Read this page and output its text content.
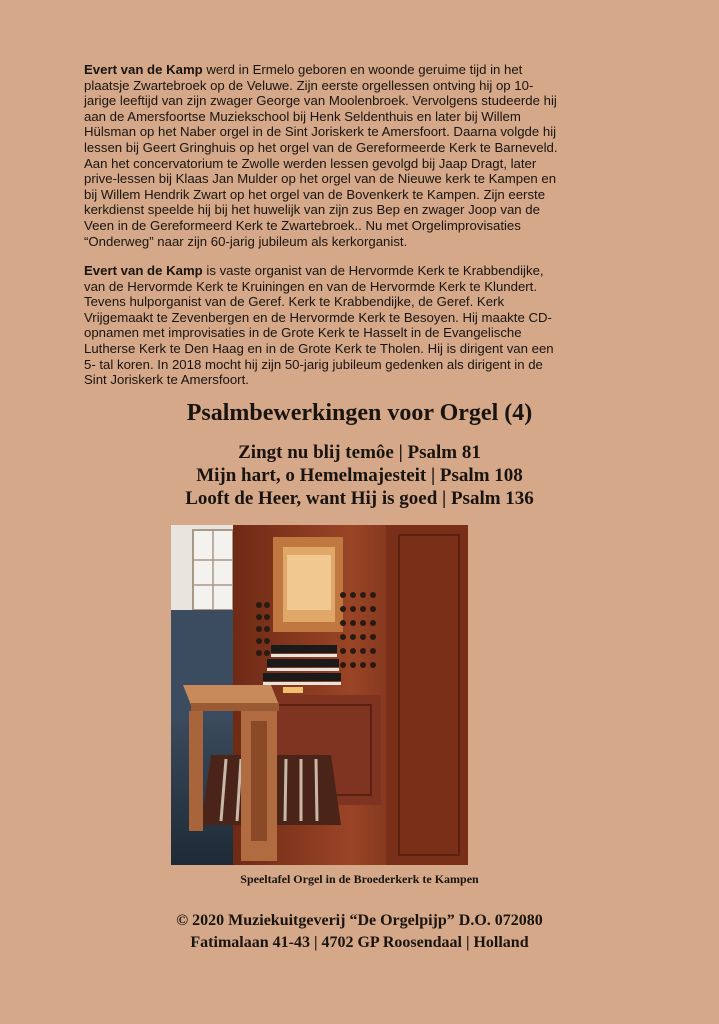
Evert van de Kamp werd in Ermelo geboren en woonde geruime tijd in het plaatsje Zwartebroek op de Veluwe. Zijn eerste orgellessen ontving hij op 10-jarige leeftijd van zijn zwager George van Moolenbroek. Vervolgens studeerde hij aan de Amersfoortse Muziekschool bij Henk Seldenthuis en later bij Willem Hülsman op het Naber orgel in de Sint Joriskerk te Amersfoort. Daarna volgde hij lessen bij Geert Gringhuis op het orgel van de Gereformeerde Kerk te Barneveld. Aan het concervatorium te Zwolle werden lessen gevolgd bij Jaap Dragt, later prive-lessen bij Klaas Jan Mulder op het orgel van de Nieuwe kerk te Kampen en bij Willem Hendrik Zwart op het orgel van de Bovenkerk te Kampen. Zijn eerste kerkdienst speelde hij bij het huwelijk van zijn zus Bep en zwager Joop van de Veen in de Gereformeerd Kerk te Zwartebroek.. Nu met Orgelimprovisaties “Onderweg” naar zijn 60-jarig jubileum als kerkorganist.

Evert van de Kamp is vaste organist van de Hervormde Kerk te Krabbendijke, van de Hervormde Kerk te Kruiningen en van de Hervormde Kerk te Klundert. Tevens hulporganist van de Geref. Kerk te Krabbendijke, de Geref. Kerk Vrijgemaakt te Zevenbergen en de Hervormde Kerk te Besoyen. Hij maakte CD-opnamen met improvisaties in de Grote Kerk te Hasselt in de Evangelische Lutherse Kerk te Den Haag en in de Grote Kerk te Tholen. Hij is dirigent van een 5- tal koren. In 2018 mocht hij zijn 50-jarig jubileum gedenken als dirigent in de Sint Joriskerk te Amersfoort.

Psalmbewerkingen voor Orgel (4)

Zingt nu blij temôe | Psalm 81

Mijn hart, o Hemelmajesteit | Psalm 108

Looft de Heer, want Hij is goed | Psalm 136

Speeltafel Orgel in de Broederkerk te Kampen

© 2020 Muziekuitgeverij “De Orgelpijp” D.O. 072080

Fatimalaan 41-43 | 4702 GP Roosendaal | Holland
